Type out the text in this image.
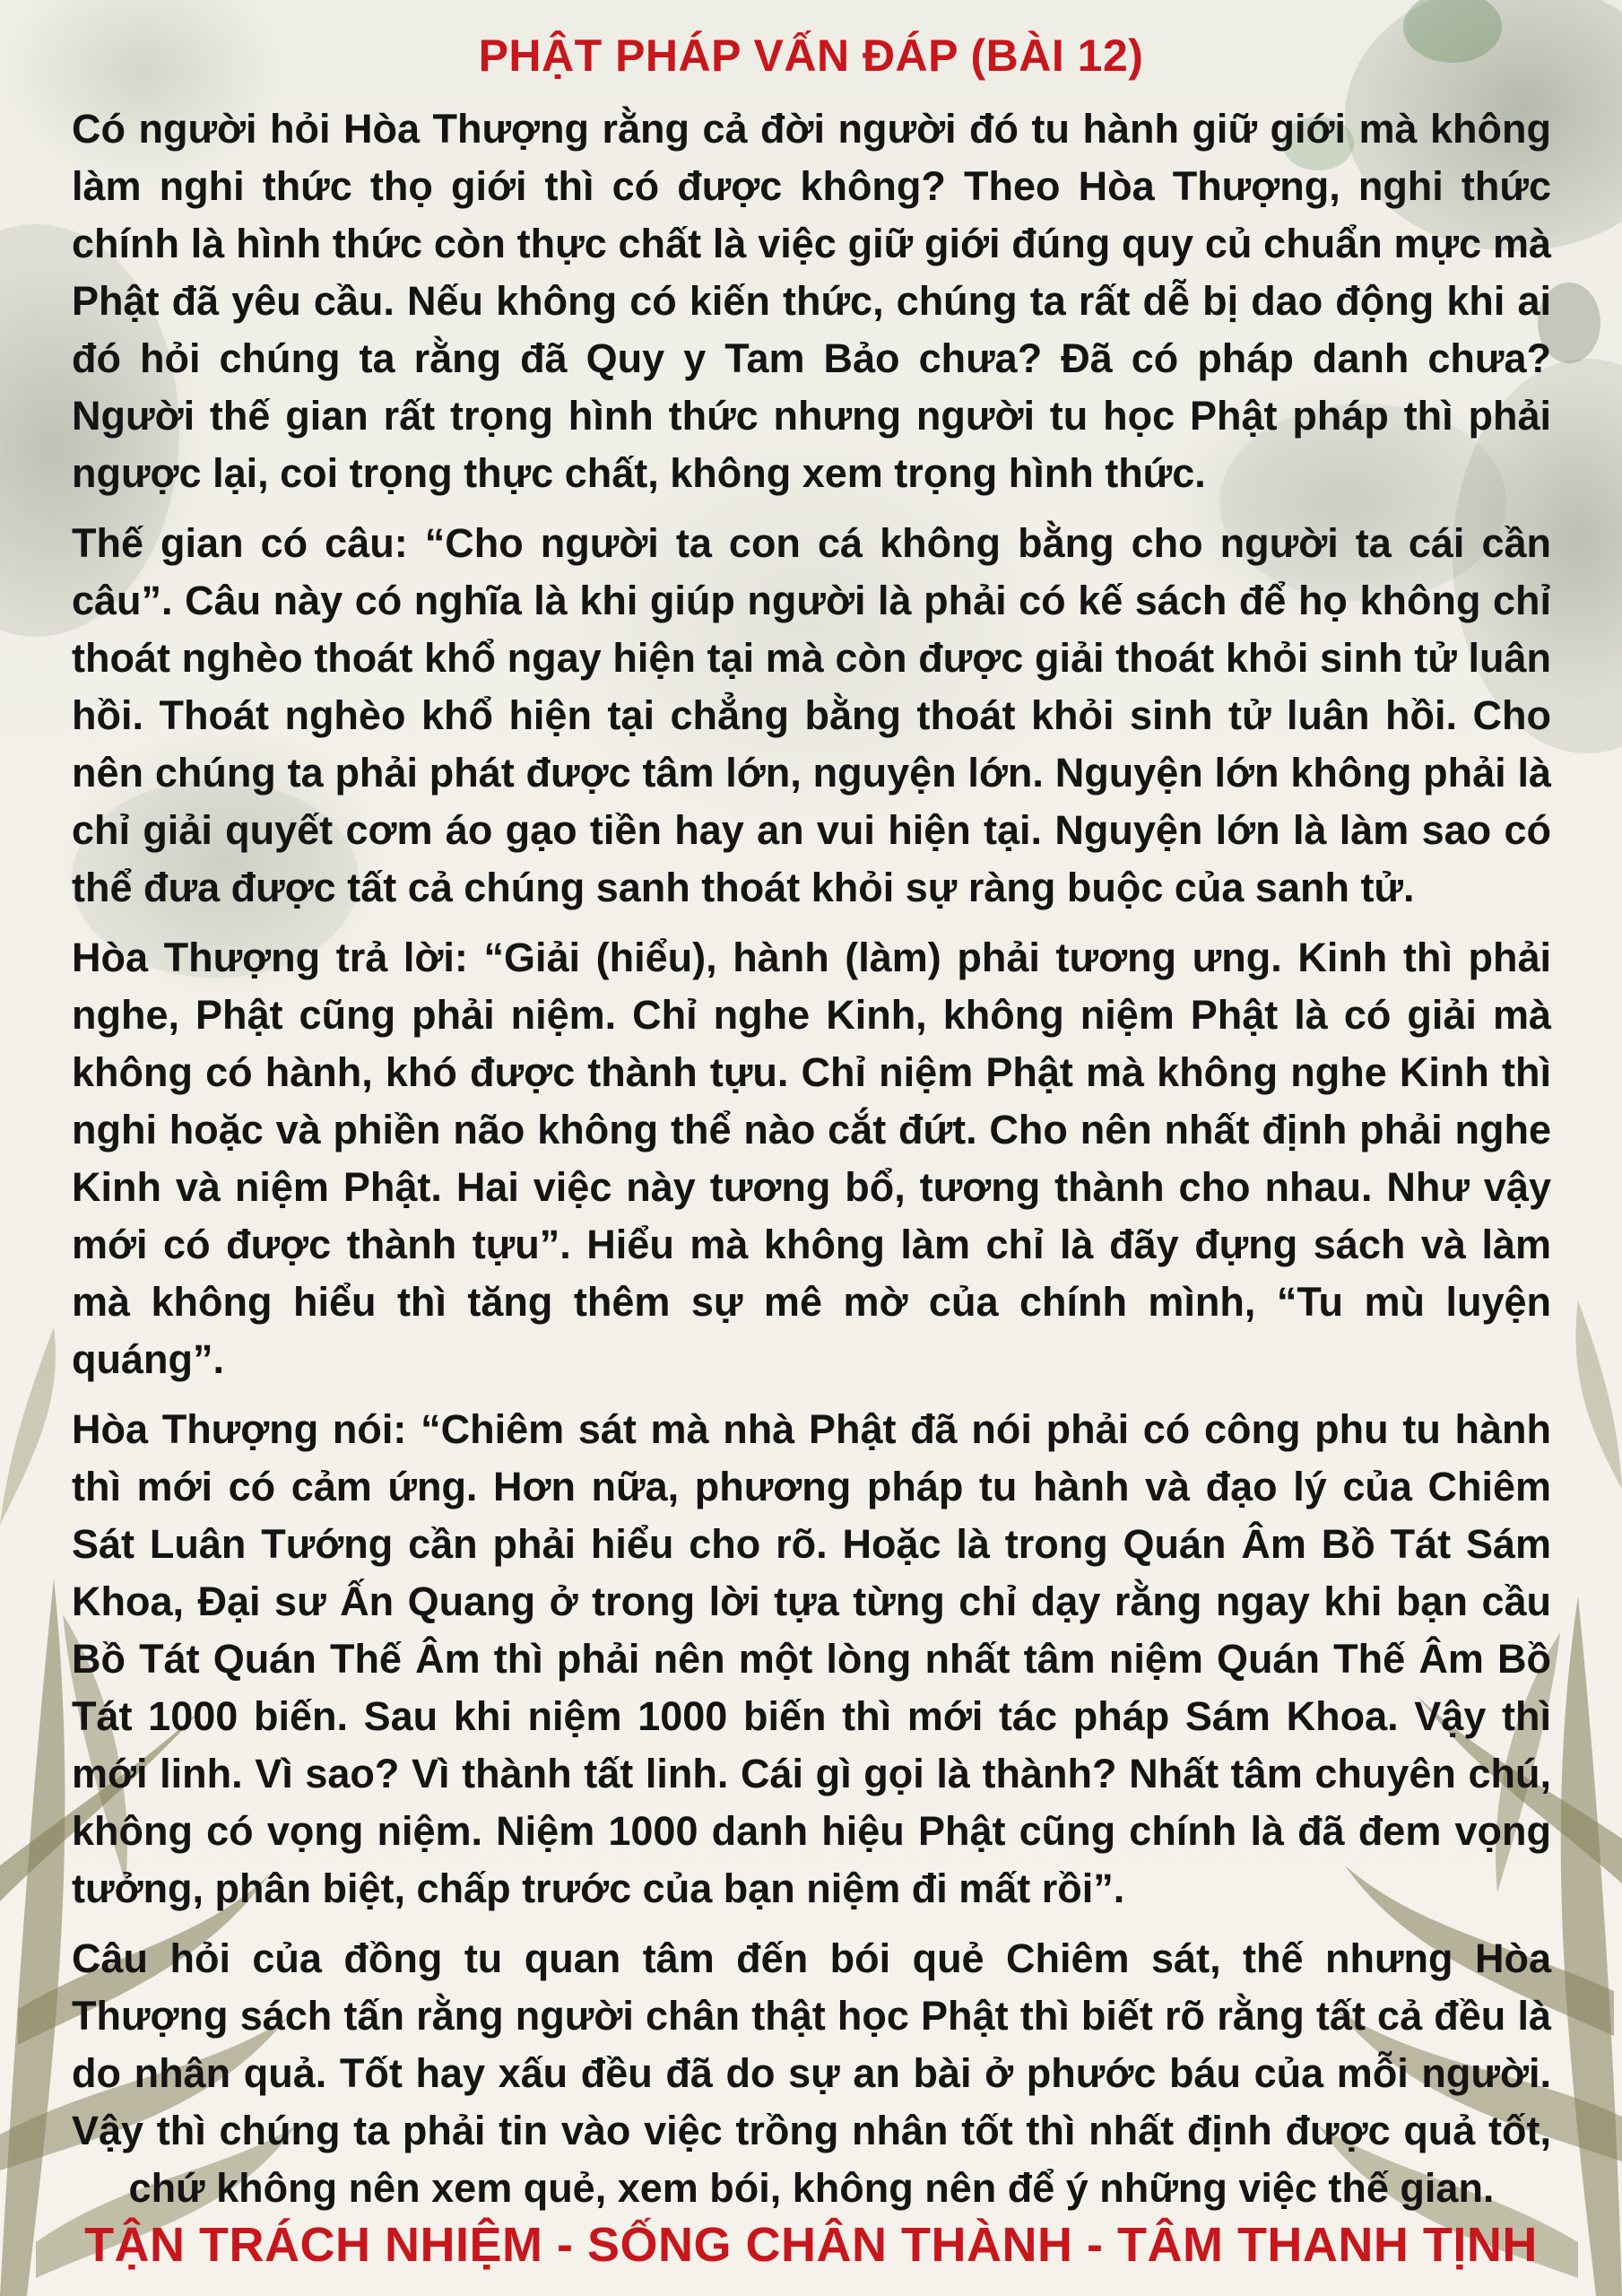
PHẬT PHÁP VẤN ĐÁP (BÀI 12)

Có người hỏi Hòa Thượng rằng cả đời người đó tu hành giữ giới mà không làm nghi thức thọ giới thì có được không? Theo Hòa Thượng, nghi thức chính là hình thức còn thực chất là việc giữ giới đúng quy củ chuẩn mực mà Phật đã yêu cầu. Nếu không có kiến thức, chúng ta rất dễ bị dao động khi ai đó hỏi chúng ta rằng đã Quy y Tam Bảo chưa? Đã có pháp danh chưa? Người thế gian rất trọng hình thức nhưng người tu học Phật pháp thì phải ngược lại, coi trọng thực chất, không xem trọng hình thức.

Thế gian có câu: “Cho người ta con cá không bằng cho người ta cái cần câu”. Câu này có nghĩa là khi giúp người là phải có kế sách để họ không chỉ thoát nghèo thoát khổ ngay hiện tại mà còn được giải thoát khỏi sinh tử luân hồi. Thoát nghèo khổ hiện tại chẳng bằng thoát khỏi sinh tử luân hồi. Cho nên chúng ta phải phát được tâm lớn, nguyện lớn. Nguyện lớn không phải là chỉ giải quyết cơm áo gạo tiền hay an vui hiện tại. Nguyện lớn là làm sao có thể đưa được tất cả chúng sanh thoát khỏi sự ràng buộc của sanh tử.

Hòa Thượng trả lời: “Giải (hiểu), hành (làm) phải tương ưng. Kinh thì phải nghe, Phật cũng phải niệm. Chỉ nghe Kinh, không niệm Phật là có giải mà không có hành, khó được thành tựu. Chỉ niệm Phật mà không nghe Kinh thì nghi hoặc và phiền não không thể nào cắt đứt. Cho nên nhất định phải nghe Kinh và niệm Phật. Hai việc này tương bổ, tương thành cho nhau. Như vậy mới có được thành tựu”. Hiểu mà không làm chỉ là đãy đựng sách và làm mà không hiểu thì tăng thêm sự mê mờ của chính mình, “Tu mù luyện quáng”.

Hòa Thượng nói: “Chiêm sát mà nhà Phật đã nói phải có công phu tu hành thì mới có cảm ứng. Hơn nữa, phương pháp tu hành và đạo lý của Chiêm Sát Luân Tướng cần phải hiểu cho rõ. Hoặc là trong Quán Âm Bồ Tát Sám Khoa, Đại sư Ấn Quang ở trong lời tựa từng chỉ dạy rằng ngay khi bạn cầu Bồ Tát Quán Thế Âm thì phải nên một lòng nhất tâm niệm Quán Thế Âm Bồ Tát 1000 biến. Sau khi niệm 1000 biến thì mới tác pháp Sám Khoa. Vậy thì mới linh. Vì sao? Vì thành tất linh. Cái gì gọi là thành? Nhất tâm chuyên chú, không có vọng niệm. Niệm 1000 danh hiệu Phật cũng chính là đã đem vọng tưởng, phân biệt, chấp trước của bạn niệm đi mất rồi”.

Câu hỏi của đồng tu quan tâm đến bói quẻ Chiêm sát, thế nhưng Hòa Thượng sách tấn rằng người chân thật học Phật thì biết rõ rằng tất cả đều là do nhân quả. Tốt hay xấu đều đã do sự an bài ở phước báu của mỗi người. Vậy thì chúng ta phải tin vào việc trồng nhân tốt thì nhất định được quả tốt, chứ không nên xem quẻ, xem bói, không nên để ý những việc thế gian.

TẬN TRÁCH NHIỆM - SỐNG CHÂN THÀNH - TÂM THANH TỊNH
